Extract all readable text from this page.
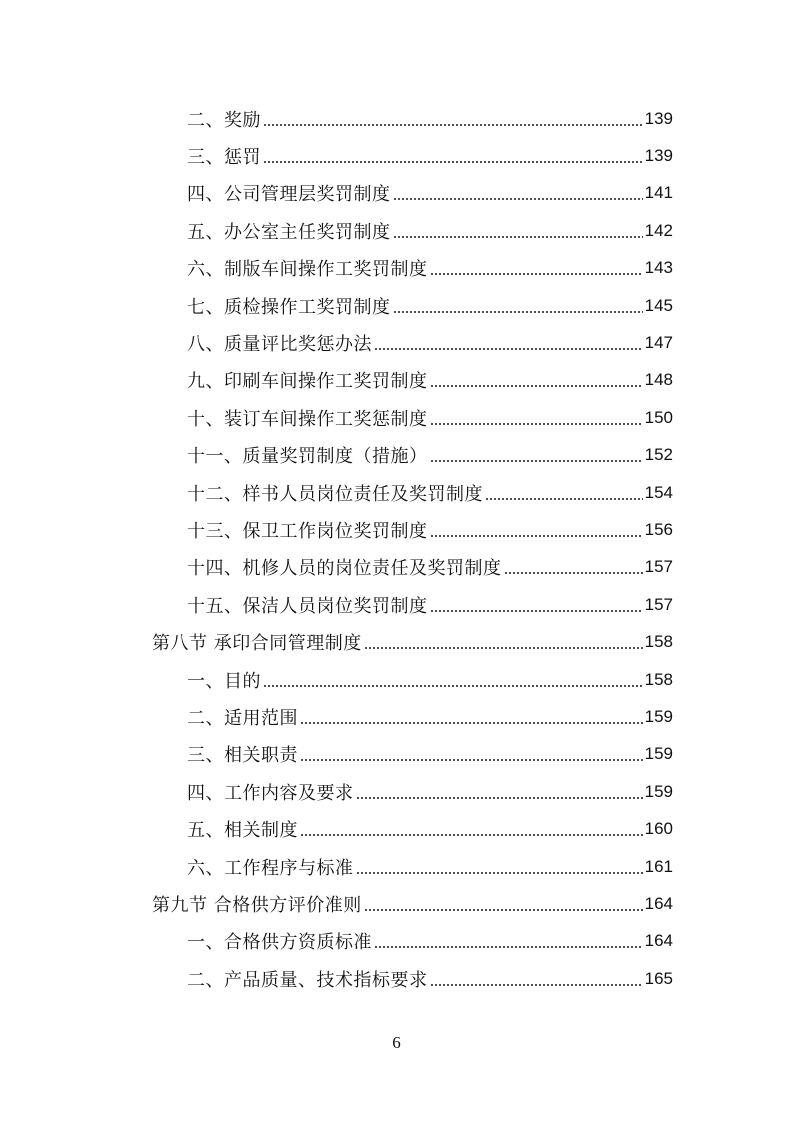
二、奖励	139
三、惩罚	139
四、公司管理层奖罚制度	141
五、办公室主任奖罚制度	142
六、制版车间操作工奖罚制度	143
七、质检操作工奖罚制度	145
八、质量评比奖惩办法	147
九、印刷车间操作工奖罚制度	148
十、装订车间操作工奖惩制度	150
十一、质量奖罚制度（措施）	152
十二、样书人员岗位责任及奖罚制度	154
十三、保卫工作岗位奖罚制度	156
十四、机修人员的岗位责任及奖罚制度	157
十五、保洁人员岗位奖罚制度	157
第八节 承印合同管理制度	158
一、目的	158
二、适用范围	159
三、相关职责	159
四、工作内容及要求	159
五、相关制度	160
六、工作程序与标准	161
第九节 合格供方评价准则	164
一、合格供方资质标准	164
二、产品质量、技术指标要求	165
6
